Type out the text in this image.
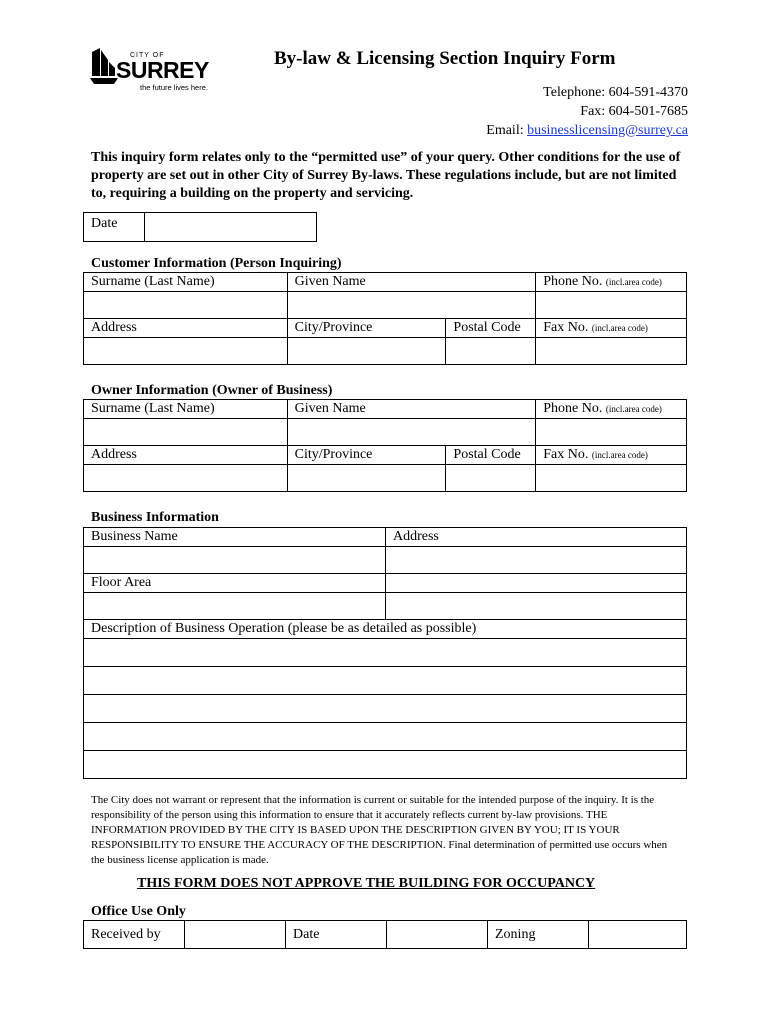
CITY OF
SURREY
the future lives here.
By-law & Licensing Section Inquiry Form
Telephone: 604-591-4370
Fax: 604-501-7685
Email: businesslicensing@surrey.ca
This inquiry form relates only to the “permitted use” of your query. Other conditions for the use of property are set out in other City of Surrey By-laws. These regulations include, but are not limited to, requiring a building on the property and servicing.
Date	
Customer Information (Person Inquiring)
Surname (Last Name)	Given Name		Phone No. (incl.area code)

Address	City/Province	Postal Code	Fax No. (incl.area code)

Owner Information (Owner of Business)
Surname (Last Name)	Given Name		Phone No. (incl.area code)

Address	City/Province	Postal Code	Fax No. (incl.area code)

Business Information
Business Name	Address

Floor Area	

Description of Business Operation (please be as detailed as possible)	

The City does not warrant or represent that the information is current or suitable for the intended purpose of the inquiry. It is the responsibility of the person using this information to ensure that it accurately reflects current by-law provisions. THE INFORMATION PROVIDED BY THE CITY IS BASED UPON THE DESCRIPTION GIVEN BY YOU; IT IS YOUR RESPONSIBILITY TO ENSURE THE ACCURACY OF THE DESCRIPTION. Final determination of permitted use occurs when the business license application is made.
THIS FORM DOES NOT APPROVE THE BUILDING FOR OCCUPANCY
Office Use Only
Received by		Date		Zoning	
